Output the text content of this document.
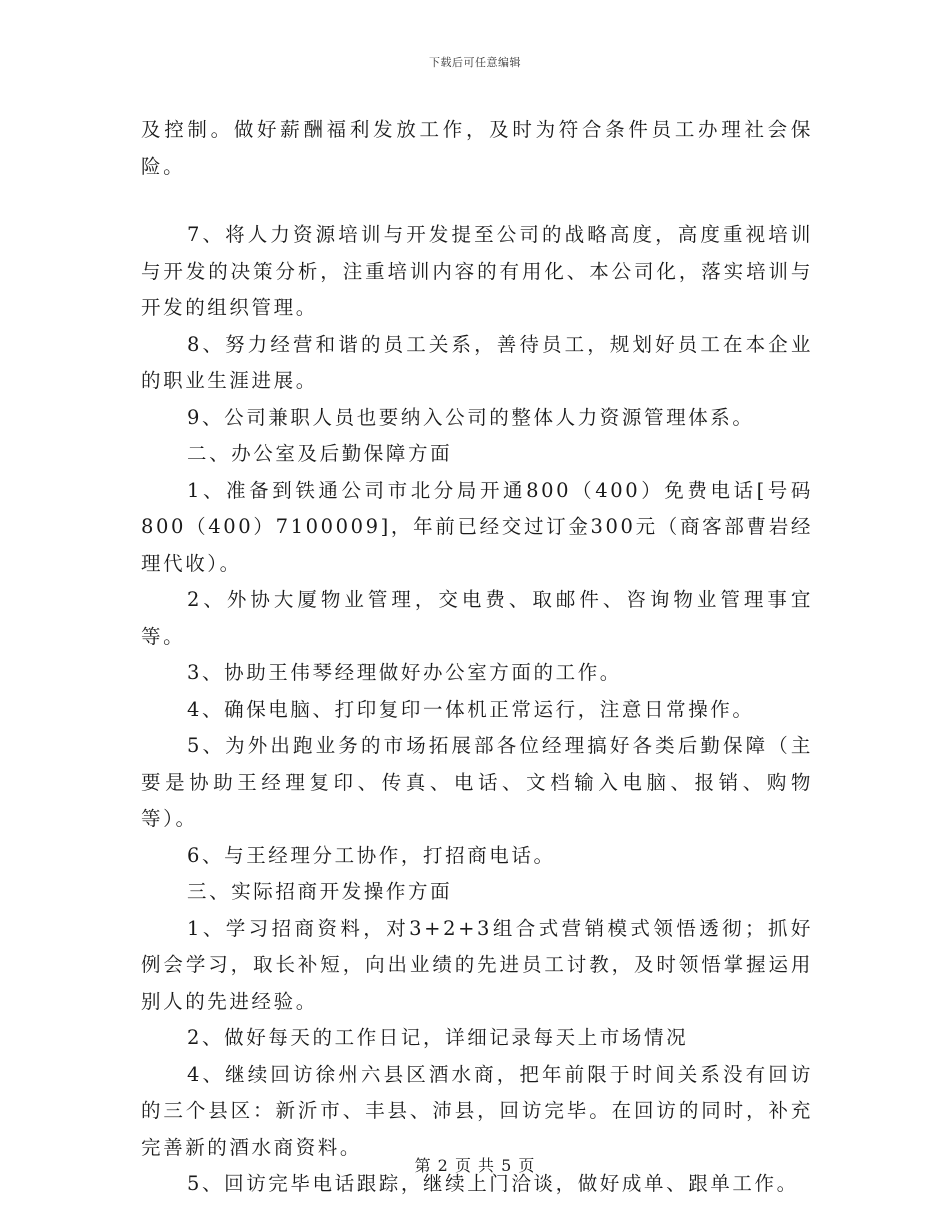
下载后可任意编辑

及控制。做好薪酬福利发放工作，及时为符合条件员工办理社会保险。

7、将人力资源培训与开发提至公司的战略高度，高度重视培训与开发的决策分析，注重培训内容的有用化、本公司化，落实培训与开发的组织管理。

8、努力经营和谐的员工关系，善待员工，规划好员工在本企业的职业生涯进展。

9、公司兼职人员也要纳入公司的整体人力资源管理体系。

二、办公室及后勤保障方面

1、准备到铁通公司市北分局开通800（400）免费电话[号码800（400）7100009]，年前已经交过订金300元（商客部曹岩经理代收）。

2、外协大厦物业管理，交电费、取邮件、咨询物业管理事宜等。

3、协助王伟琴经理做好办公室方面的工作。

4、确保电脑、打印复印一体机正常运行，注意日常操作。

5、为外出跑业务的市场拓展部各位经理搞好各类后勤保障（主要是协助王经理复印、传真、电话、文档输入电脑、报销、购物等）。

6、与王经理分工协作，打招商电话。

三、实际招商开发操作方面

1、学习招商资料，对3+2+3组合式营销模式领悟透彻；抓好例会学习，取长补短，向出业绩的先进员工讨教，及时领悟掌握运用别人的先进经验。

2、做好每天的工作日记，详细记录每天上市场情况

4、继续回访徐州六县区酒水商，把年前限于时间关系没有回访的三个县区：新沂市、丰县、沛县，回访完毕。在回访的同时，补充完善新的酒水商资料。

5、回访完毕电话跟踪，继续上门洽谈，做好成单、跟单工作。

第 2 页 共 5 页
